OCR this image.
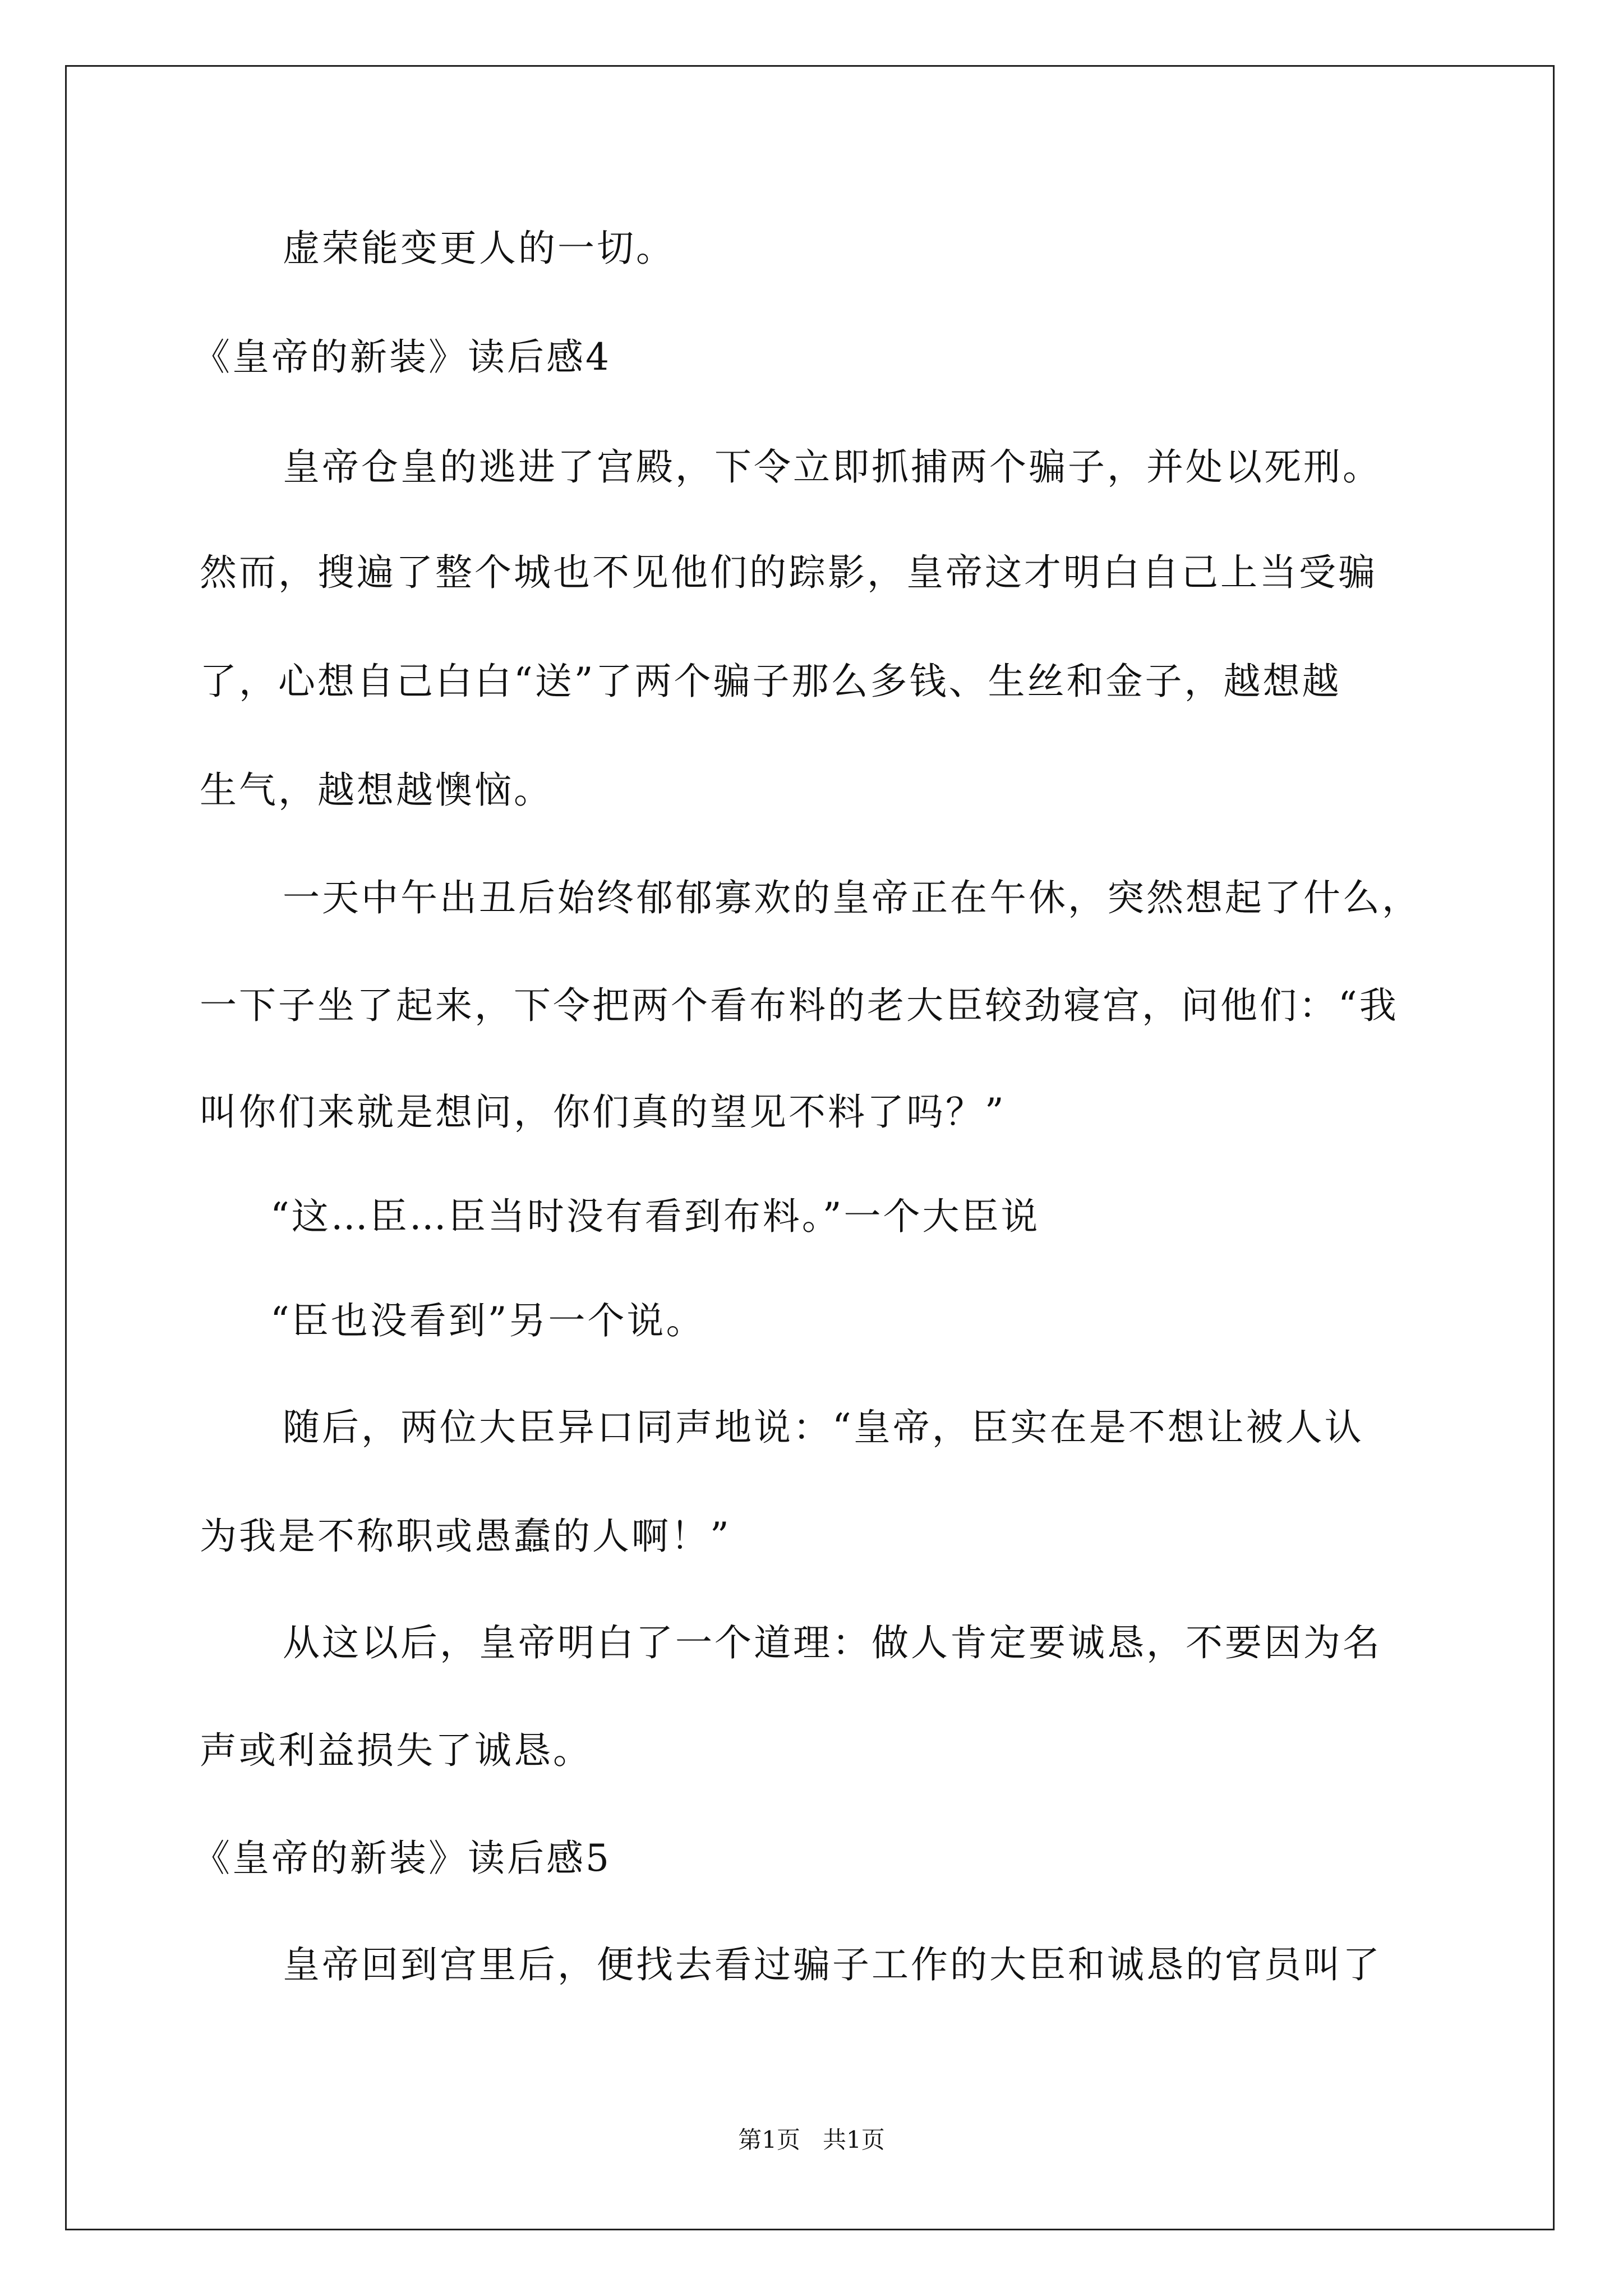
虚荣能变更人的一切。
《皇帝的新装》读后感4
皇帝仓皇的逃进了宫殿，下令立即抓捕两个骗子，并处以死刑。
然而，搜遍了整个城也不见他们的踪影，皇帝这才明白自己上当受骗
了，心想自己白白“送”了两个骗子那么多钱、生丝和金子，越想越
生气，越想越懊恼。
一天中午出丑后始终郁郁寡欢的皇帝正在午休，突然想起了什么，
一下子坐了起来，下令把两个看布料的老大臣较劲寝宫，问他们：“我
叫你们来就是想问，你们真的望见不料了吗？”
“这…臣…臣当时没有看到布料。”一个大臣说
“臣也没看到”另一个说。
随后，两位大臣异口同声地说：“皇帝，臣实在是不想让被人认
为我是不称职或愚蠢的人啊！”
从这以后，皇帝明白了一个道理：做人肯定要诚恳，不要因为名
声或利益损失了诚恳。
《皇帝的新装》读后感5
皇帝回到宫里后，便找去看过骗子工作的大臣和诚恳的官员叫了
第1页   共1页
